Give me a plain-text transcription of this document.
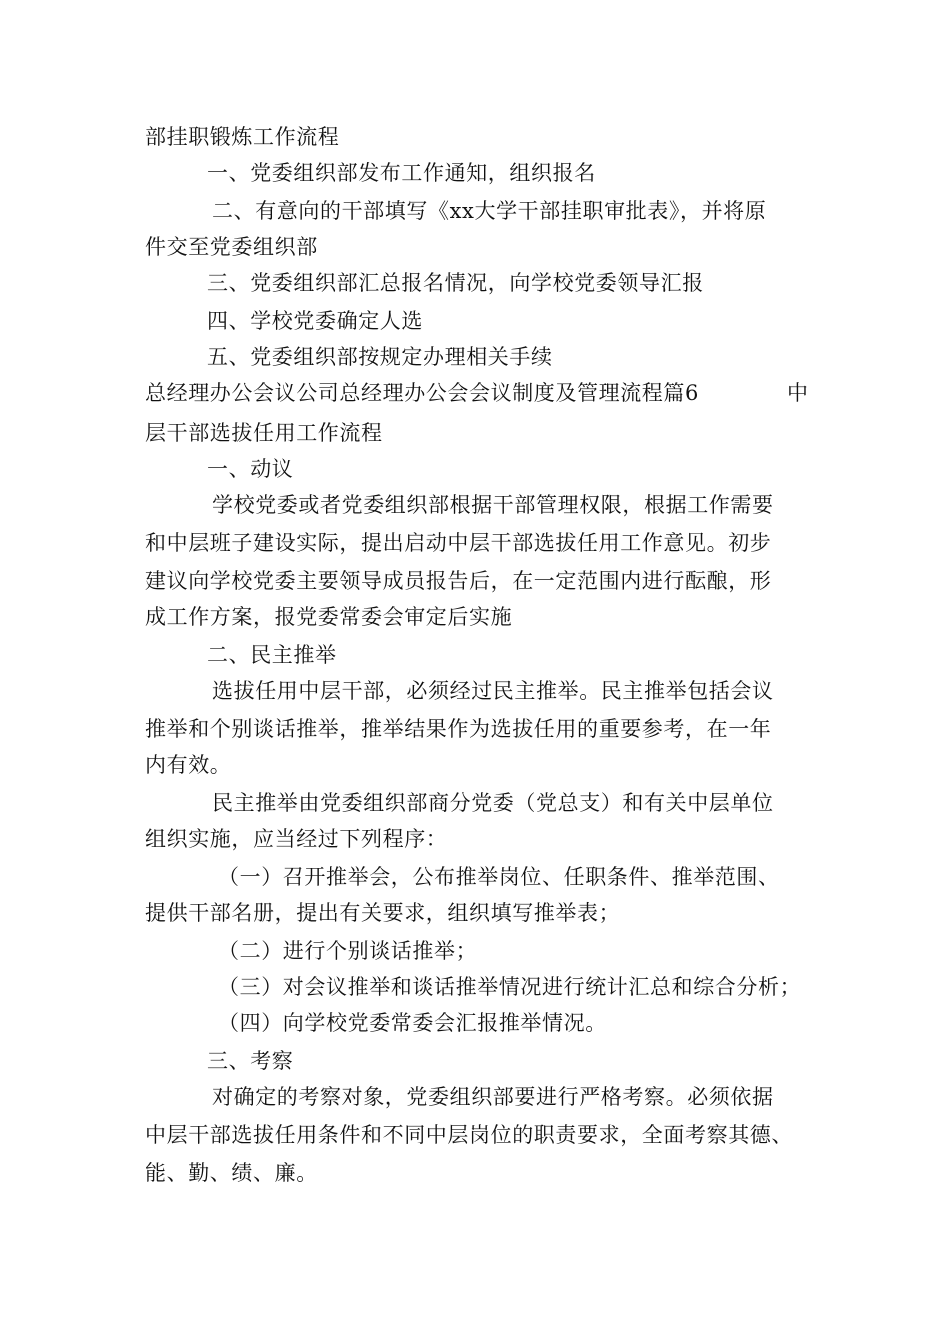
部挂职锻炼工作流程
一、党委组织部发布工作通知，组织报名
二、有意向的干部填写《xx大学干部挂职审批表》，并将原
件交至党委组织部
三、党委组织部汇总报名情况，向学校党委领导汇报
四、学校党委确定人选
五、党委组织部按规定办理相关手续
总经理办公会议公司总经理办公会会议制度及管理流程篇6	中
层干部选拔任用工作流程
一、动议
学校党委或者党委组织部根据干部管理权限，根据工作需要
和中层班子建设实际，提出启动中层干部选拔任用工作意见。初步
建议向学校党委主要领导成员报告后，在一定范围内进行酝酿，形
成工作方案，报党委常委会审定后实施
二、民主推举
选拔任用中层干部，必须经过民主推举。民主推举包括会议
推举和个别谈话推举，推举结果作为选拔任用的重要参考，在一年
内有效。
民主推举由党委组织部商分党委（党总支）和有关中层单位
组织实施，应当经过下列程序：
（一）召开推举会，公布推举岗位、任职条件、推举范围、
提供干部名册，提出有关要求，组织填写推举表；
（二）进行个别谈话推举；
（三）对会议推举和谈话推举情况进行统计汇总和综合分析；
（四）向学校党委常委会汇报推举情况。
三、考察
对确定的考察对象，党委组织部要进行严格考察。必须依据
中层干部选拔任用条件和不同中层岗位的职责要求，全面考察其德、
能、勤、绩、廉。
